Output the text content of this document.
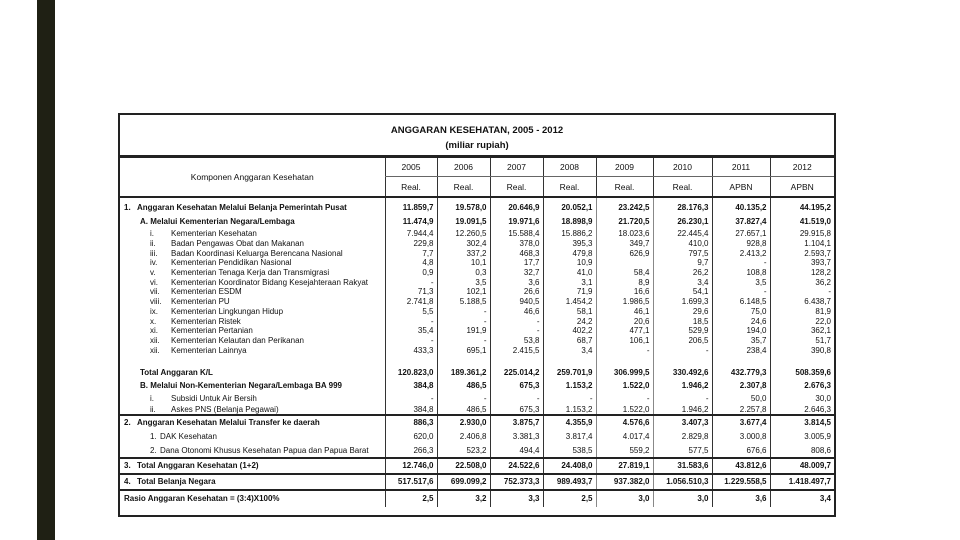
ANGGARAN KESEHATAN, 2005 - 2012
(miliar rupiah)
Komponen Anggaran Kesehatan	2005	2006	2007	2008	2009	2010	2011	2012
	Real.	Real.	Real.	Real.	Real.	Real.	APBN	APBN
1. Anggaran Kesehatan Melalui Belanja Pemerintah Pusat	11.859,7	19.578,0	20.646,9	20.052,1	23.242,5	28.176,3	40.135,2	44.195,2
A. Melalui Kementerian Negara/Lembaga	11.474,9	19.091,5	19.971,6	18.898,9	21.720,5	26.230,1	37.827,4	41.519,0
i. Kementerian Kesehatan	7.944,4	12.260,5	15.588,4	15.886,2	18.023,6	22.445,4	27.657,1	29.915,8
ii. Badan Pengawas Obat dan Makanan	229,8	302,4	378,0	395,3	349,7	410,0	928,8	1.104,1
iii. Badan Koordinasi Keluarga Berencana Nasional	7,7	337,2	468,3	479,8	626,9	797,5	2.413,2	2.593,7
iv. Kementerian Pendidikan Nasional	4,8	10,1	17,7	10,9		9,7	-	393,7
v. Kementerian Tenaga Kerja dan Transmigrasi	0,9	0,3	32,7	41,0	58,4	26,2	108,8	128,2
vi. Kementerian Koordinator Bidang Kesejahteraan Rakyat	-	3,5	3,6	3,1	8,9	3,4	3,5	36,2
vii. Kementerian ESDM	71,3	102,1	26,6	71,9	16,6	54,1	-	-
viii. Kementerian PU	2.741,8	5.188,5	940,5	1.454,2	1.986,5	1.699,3	6.148,5	6.438,7
ix. Kementerian Lingkungan Hidup	5,5	-	46,6	58,1	46,1	29,6	75,0	81,9
x. Kementerian Ristek	-	-	-	24,2	20,6	18,5	24,6	22,0
xi. Kementerian Pertanian	35,4	191,9	-	402,2	477,1	529,9	194,0	362,1
xii. Kementerian Kelautan dan Perikanan	-	-	53,8	68,7	106,1	206,5	35,7	51,7
xii. Kementerian Lainnya	433,3	695,1	2.415,5	3,4	-	-	238,4	390,8
Total Anggaran K/L	120.823,0	189.361,2	225.014,2	259.701,9	306.999,5	330.492,6	432.779,3	508.359,6
B. Melalui Non-Kementerian Negara/Lembaga BA 999	384,8	486,5	675,3	1.153,2	1.522,0	1.946,2	2.307,8	2.676,3
i. Subsidi Untuk Air Bersih	-	-	-	-	-	-	50,0	30,0
ii. Askes PNS (Belanja Pegawai)	384,8	486,5	675,3	1.153,2	1.522,0	1.946,2	2.257,8	2.646,3
2. Anggaran Kesehatan Melalui Transfer ke daerah	886,3	2.930,0	3.875,7	4.355,9	4.576,6	3.407,3	3.677,4	3.814,5
1. DAK Kesehatan	620,0	2.406,8	3.381,3	3.817,4	4.017,4	2.829,8	3.000,8	3.005,9
2. Dana Otonomi Khusus Kesehatan Papua dan Papua Barat	266,3	523,2	494,4	538,5	559,2	577,5	676,6	808,6
3. Total Anggaran Kesehatan (1+2)	12.746,0	22.508,0	24.522,6	24.408,0	27.819,1	31.583,6	43.812,6	48.009,7
4. Total Belanja Negara	517.517,6	699.099,2	752.373,3	989.493,7	937.382,0	1.056.510,3	1.229.558,5	1.418.497,7
Rasio Anggaran Kesehatan = (3:4)X100%	2,5	3,2	3,3	2,5	3,0	3,0	3,6	3,4
